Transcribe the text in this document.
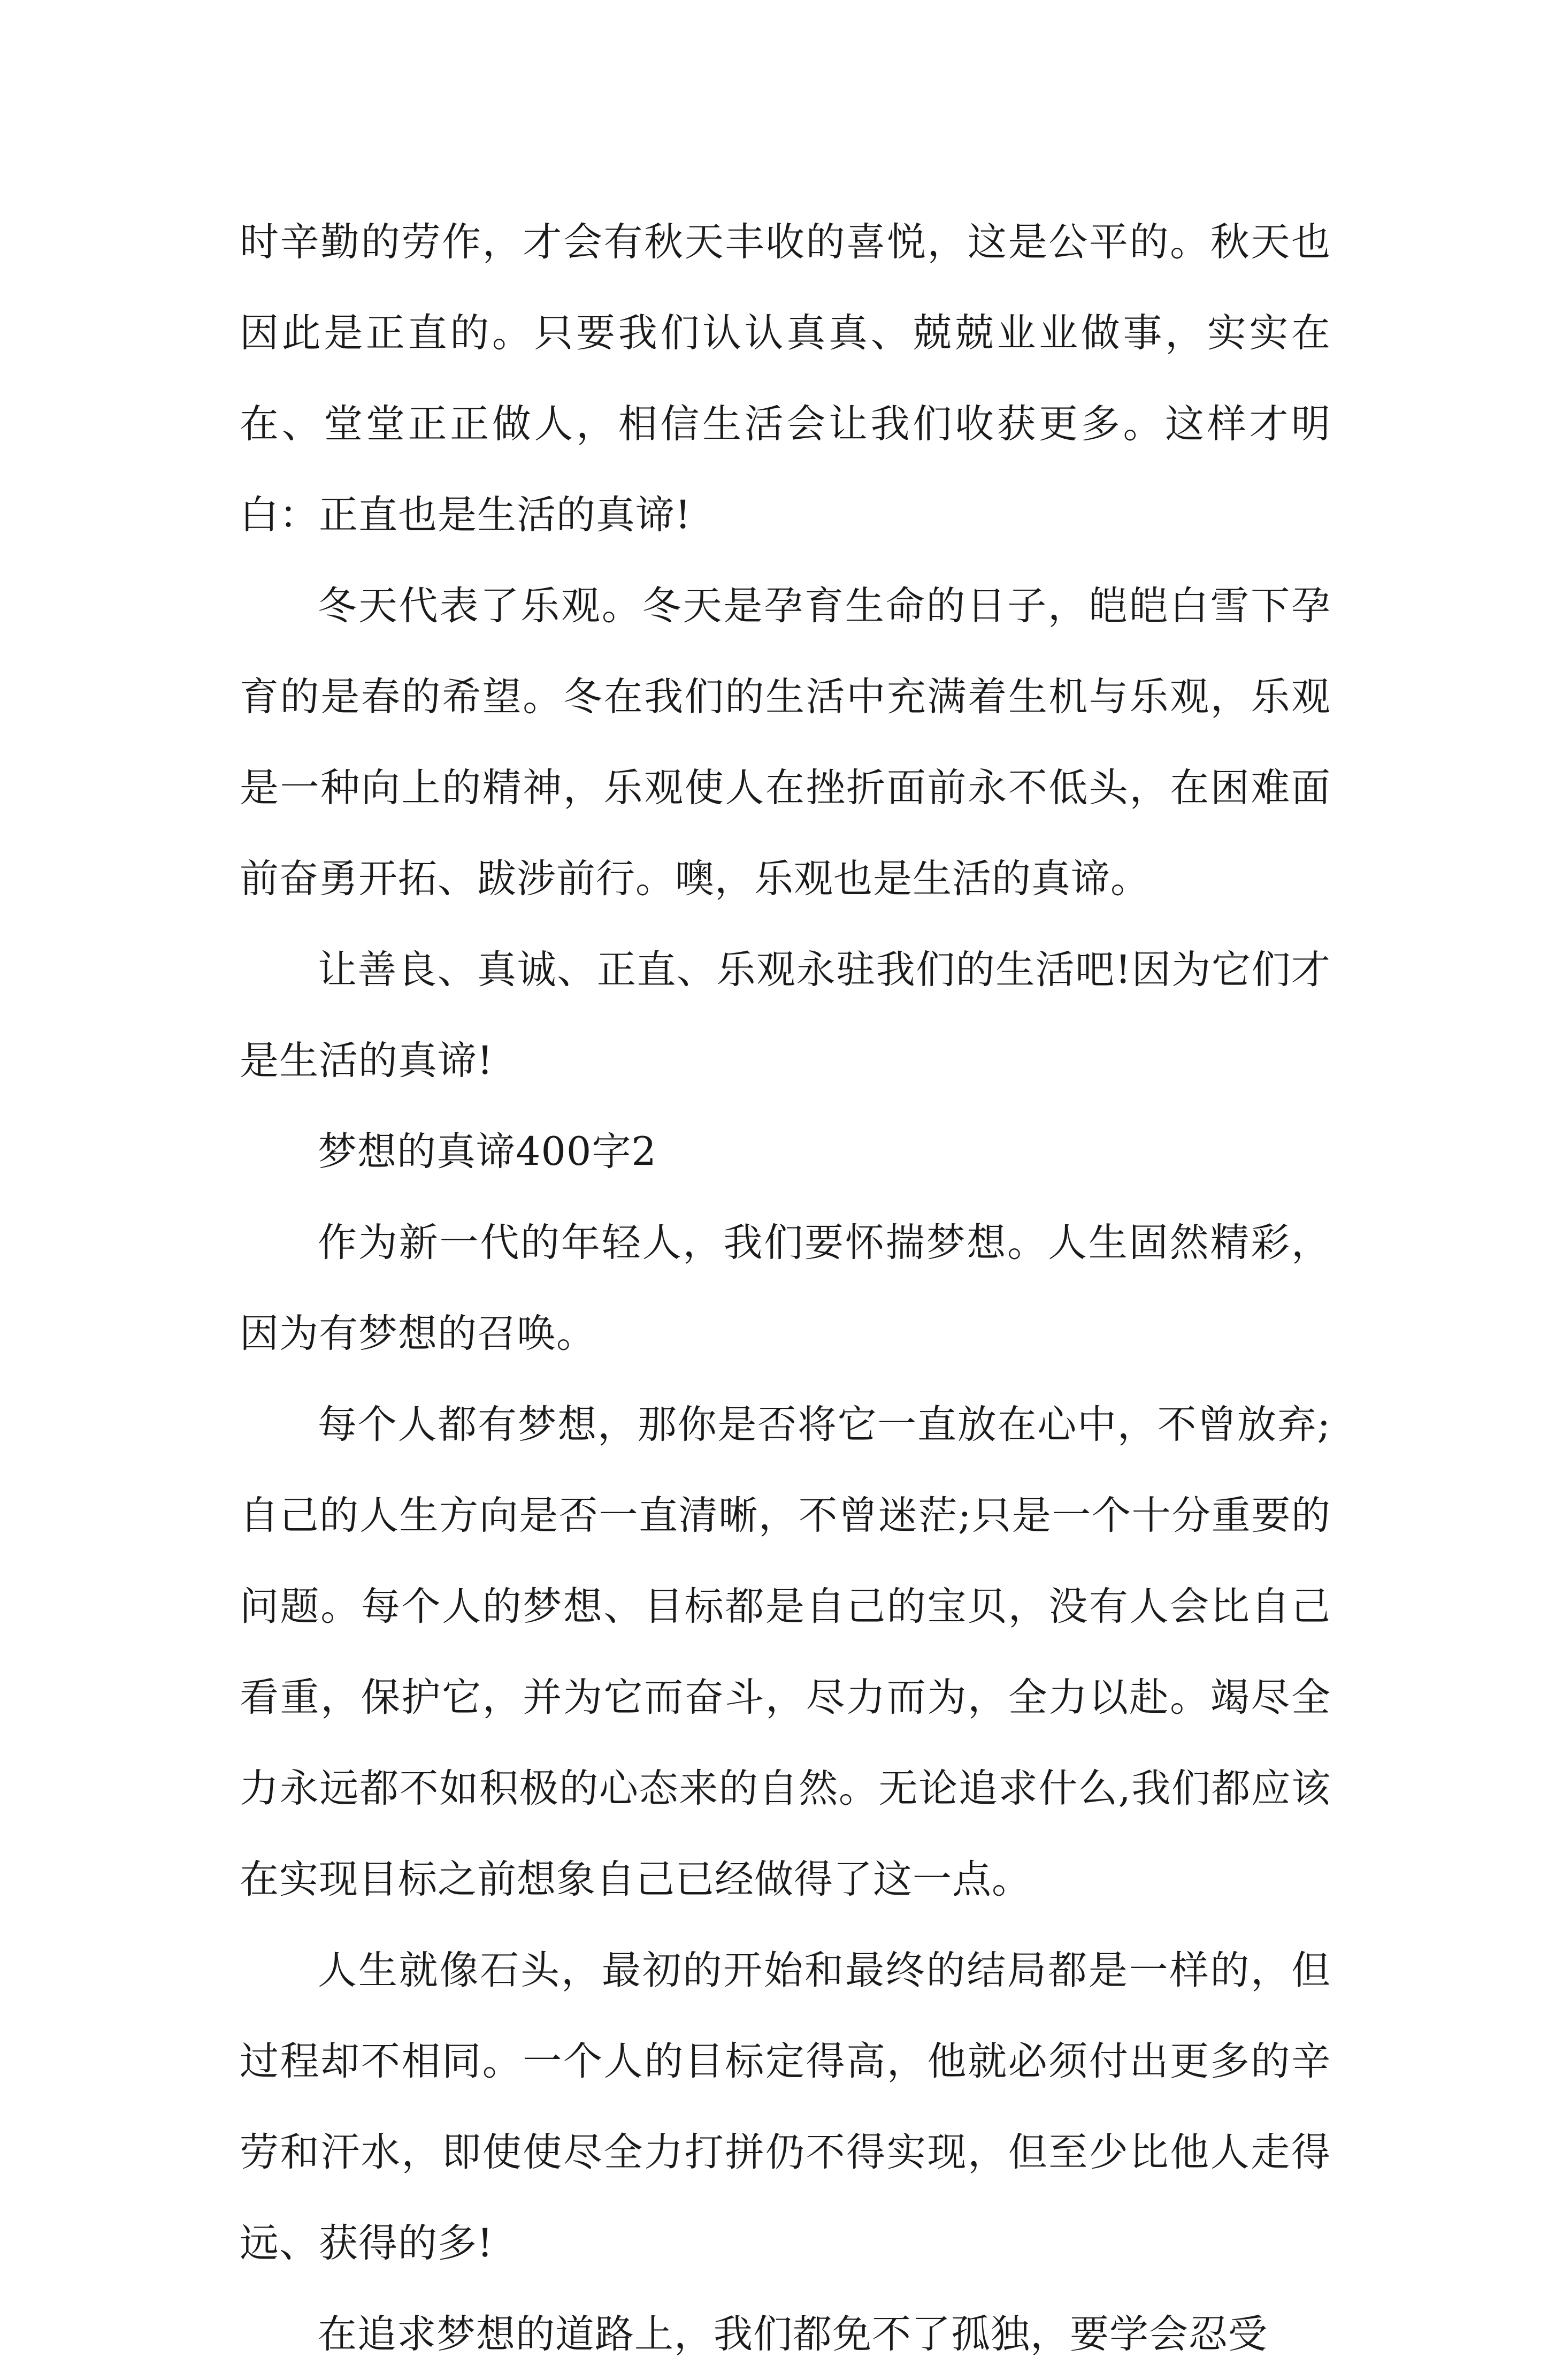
时辛勤的劳作，才会有秋天丰收的喜悦，这是公平的。秋天也因此是正直的。只要我们认认真真、兢兢业业做事，实实在在、堂堂正正做人，相信生活会让我们收获更多。这样才明白：正直也是生活的真谛!

冬天代表了乐观。冬天是孕育生命的日子，皑皑白雪下孕育的是春的希望。冬在我们的生活中充满着生机与乐观，乐观是一种向上的精神，乐观使人在挫折面前永不低头，在困难面前奋勇开拓、跋涉前行。噢，乐观也是生活的真谛。

让善良、真诚、正直、乐观永驻我们的生活吧!因为它们才是生活的真谛!

梦想的真谛400字2

作为新一代的年轻人，我们要怀揣梦想。人生固然精彩，因为有梦想的召唤。

每个人都有梦想，那你是否将它一直放在心中，不曾放弃;自己的人生方向是否一直清晰，不曾迷茫;只是一个十分重要的问题。每个人的梦想、目标都是自己的宝贝，没有人会比自己看重，保护它，并为它而奋斗，尽力而为，全力以赴。竭尽全力永远都不如积极的心态来的自然。无论追求什么,我们都应该在实现目标之前想象自己已经做得了这一点。

人生就像石头，最初的开始和最终的结局都是一样的，但过程却不相同。一个人的目标定得高，他就必须付出更多的辛劳和汗水，即使使尽全力打拼仍不得实现，但至少比他人走得远、获得的多!

在追求梦想的道路上，我们都免不了孤独，要学会忍受
